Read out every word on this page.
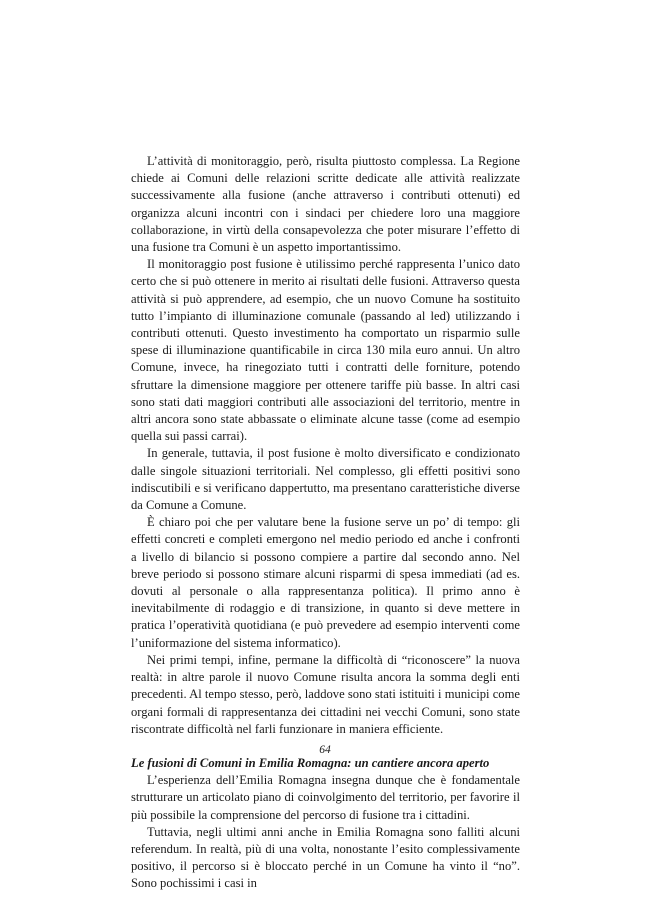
L’attività di monitoraggio, però, risulta piuttosto complessa. La Regione chiede ai Comuni delle relazioni scritte dedicate alle attività realizzate successivamente alla fusione (anche attraverso i contributi ottenuti) ed organizza alcuni incontri con i sindaci per chiedere loro una maggiore collaborazione, in virtù della consapevolezza che poter misurare l’effetto di una fusione tra Comuni è un aspetto importantissimo.

Il monitoraggio post fusione è utilissimo perché rappresenta l’unico dato certo che si può ottenere in merito ai risultati delle fusioni. Attraverso questa attività si può apprendere, ad esempio, che un nuovo Comune ha sostituito tutto l’impianto di illuminazione comunale (passando al led) utilizzando i contributi ottenuti. Questo investimento ha comportato un risparmio sulle spese di illuminazione quantificabile in circa 130 mila euro annui. Un altro Comune, invece, ha rinegoziato tutti i contratti delle forniture, potendo sfruttare la dimensione maggiore per ottenere tariffe più basse. In altri casi sono stati dati maggiori contributi alle associazioni del territorio, mentre in altri ancora sono state abbassate o eliminate alcune tasse (come ad esempio quella sui passi carrai).

In generale, tuttavia, il post fusione è molto diversificato e condizionato dalle singole situazioni territoriali. Nel complesso, gli effetti positivi sono indiscutibili e si verificano dappertutto, ma presentano caratteristiche diverse da Comune a Comune.

È chiaro poi che per valutare bene la fusione serve un po’ di tempo: gli effetti concreti e completi emergono nel medio periodo ed anche i confronti a livello di bilancio si possono compiere a partire dal secondo anno. Nel breve periodo si possono stimare alcuni risparmi di spesa immediati (ad es. dovuti al personale o alla rappresentanza politica). Il primo anno è inevitabilmente di rodaggio e di transizione, in quanto si deve mettere in pratica l’operatività quotidiana (e può prevedere ad esempio interventi come l’uniformazione del sistema informatico).

Nei primi tempi, infine, permane la difficoltà di “riconoscere” la nuova realtà: in altre parole il nuovo Comune risulta ancora la somma degli enti precedenti. Al tempo stesso, però, laddove sono stati istituiti i municipi come organi formali di rappresentanza dei cittadini nei vecchi Comuni, sono state riscontrate difficoltà nel farli funzionare in maniera efficiente.

Le fusioni di Comuni in Emilia Romagna: un cantiere ancora aperto

L’esperienza dell’Emilia Romagna insegna dunque che è fondamentale strutturare un articolato piano di coinvolgimento del territorio, per favorire il più possibile la comprensione del percorso di fusione tra i cittadini.

Tuttavia, negli ultimi anni anche in Emilia Romagna sono falliti alcuni referendum. In realtà, più di una volta, nonostante l’esito complessivamente positivo, il percorso si è bloccato perché in un Comune ha vinto il “no”. Sono pochissimi i casi in

64
